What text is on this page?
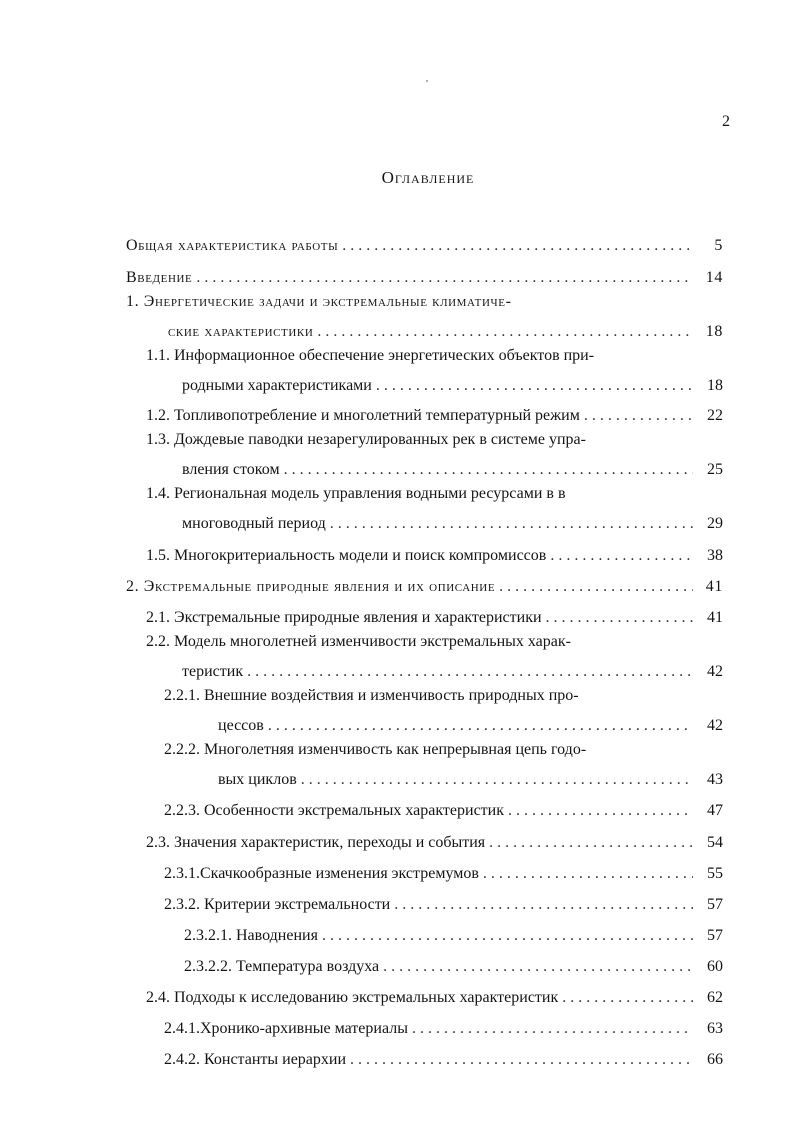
2
Оглавление
Общая характеристика работы . . .	5
Введение . . .	14
1. Энергетические задачи и экстремальные климатиче-
ские характеристики . . .	18
1.1. Информационное обеспечение энергетических объектов при-
родными характеристиками . . .	18
1.2. Топливопотребление и многолетний температурный режим . . .	22
1.3. Дождевые паводки незарегулированных рек в системе упра-
вления стоком . . .	25
1.4. Региональная модель управления водными ресурсами в в
многоводный период . . .	29
1.5. Многокритериальность модели и поиск компромиссов . . .	38
2. Экстремальные природные явления и их описание . . .	41
2.1. Экстремальные природные явления и характеристики . . .	41
2.2. Модель многолетней изменчивости экстремальных харак-
теристик . . .	42
2.2.1. Внешние воздействия и изменчивость природных про-
цессов . . .	42
2.2.2. Многолетняя изменчивость как непрерывная цепь годо-
вых циклов . . .	43
2.2.3. Особенности экстремальных характеристик . . .	47
2.3. Значения характеристик, переходы и события . . .	54
2.3.1.Скачкообразные изменения экстремумов . . .	55
2.3.2. Критерии экстремальности . . .	57
2.3.2.1. Наводнения . . .	57
2.3.2.2. Температура воздуха . . .	60
2.4. Подходы к исследованию экстремальных характеристик . . .	62
2.4.1.Хронико-архивные материалы . . .	63
2.4.2. Константы иерархии . . .	66
